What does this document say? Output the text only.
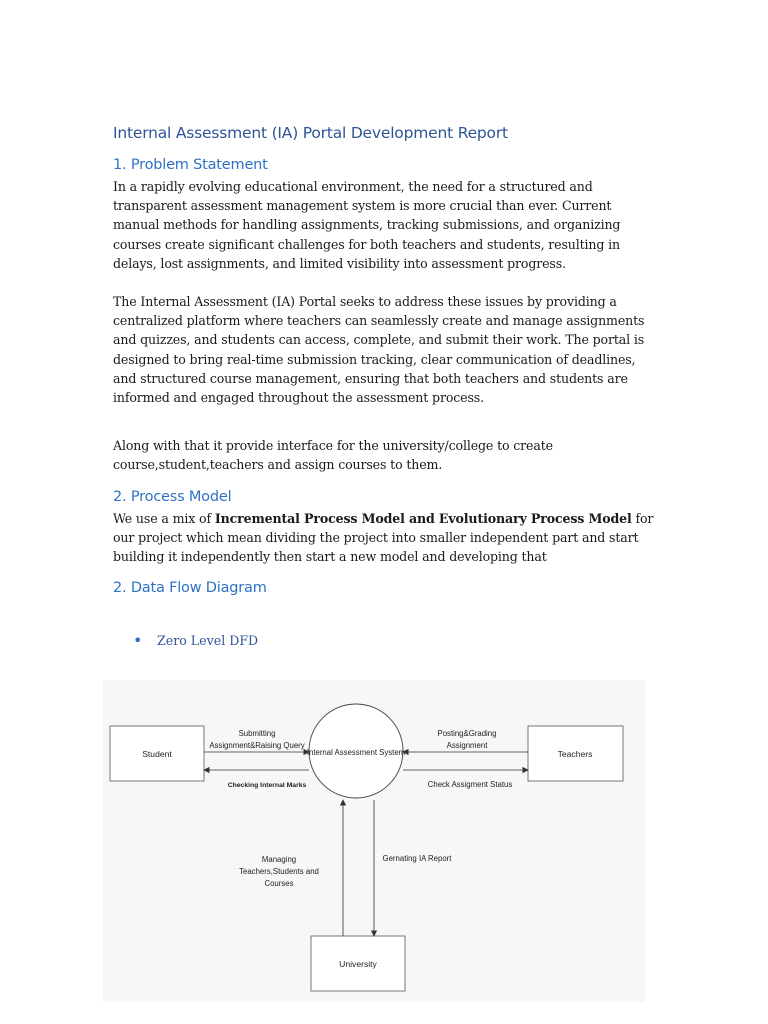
Internal Assessment (IA) Portal Development Report
1. Problem Statement

In a rapidly evolving educational environment, the need for a structured and transparent assessment management system is more crucial than ever. Current manual methods for handling assignments, tracking submissions, and organizing courses create significant challenges for both teachers and students, resulting in delays, lost assignments, and limited visibility into assessment progress.

The Internal Assessment (IA) Portal seeks to address these issues by providing a centralized platform where teachers can seamlessly create and manage assignments and quizzes, and students can access, complete, and submit their work. The portal is designed to bring real-time submission tracking, clear communication of deadlines, and structured course management, ensuring that both teachers and students are informed and engaged throughout the assessment process.

Along with that it provide interface for the university/college to create course,student,teachers and assign courses to them.

2. Process Model

We use a mix of Incremental Process Model and Evolutionary Process Model for our project which mean dividing the project into smaller independent part and start building it independently then start a new model and developing that

2. Data Flow Diagram
•	Zero Level DFD
Student	Teachers
Internal Assessment System
University
Submitting
Assignment&Raising Query
Checking Internal Marks
Posting&Grading
Assignment
Check Assigment Status
Managing
Teachers,Students and
Courses
Gernating IA Report
